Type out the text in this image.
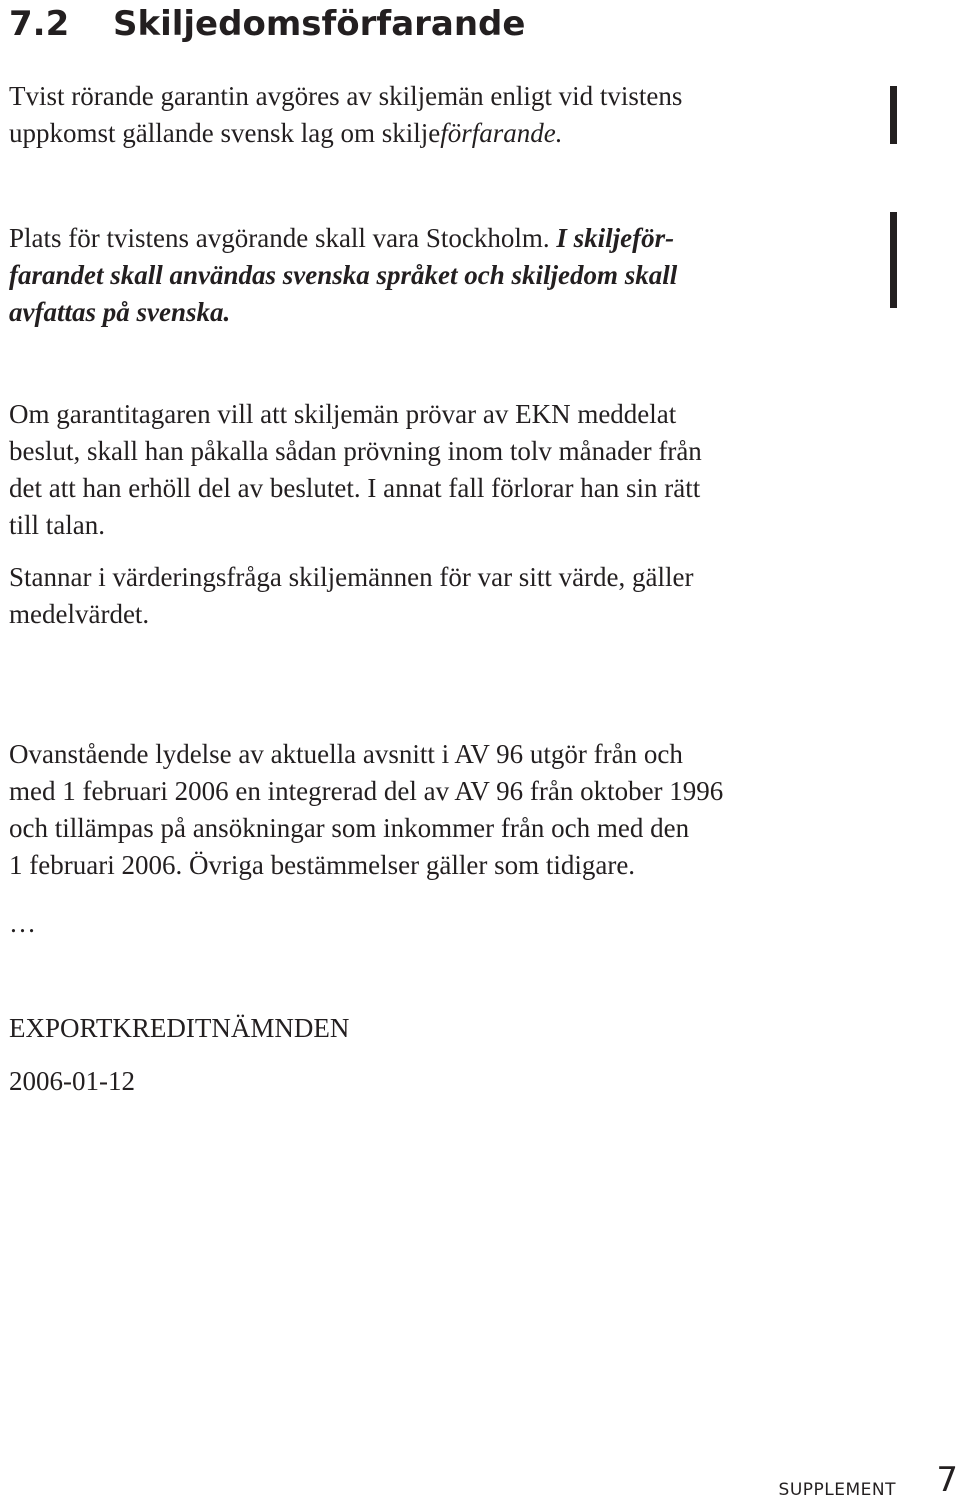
7.2 Skiljedomsförfarande

Tvist rörande garantin avgöres av skiljemän enligt vid tvistens
uppkomst gällande svensk lag om skiljeförfarande.

Plats för tvistens avgörande skall vara Stockholm. I skiljeför-
farandet skall användas svenska språket och skiljedom skall
avfattas på svenska.

Om garantitagaren vill att skiljemän prövar av EKN meddelat
beslut, skall han påkalla sådan prövning inom tolv månader från
det att han erhöll del av beslutet. I annat fall förlorar han sin rätt
till talan.

Stannar i värderingsfråga skiljemännen för var sitt värde, gäller
medelvärdet.

Ovanstående lydelse av aktuella avsnitt i AV 96 utgör från och
med 1 februari 2006 en integrerad del av AV 96 från oktober 1996
och tillämpas på ansökningar som inkommer från och med den
1 februari 2006. Övriga bestämmelser gäller som tidigare.

…

EXPORTKREDITNÄMNDEN

2006-01-12

SUPPLEMENT 7
